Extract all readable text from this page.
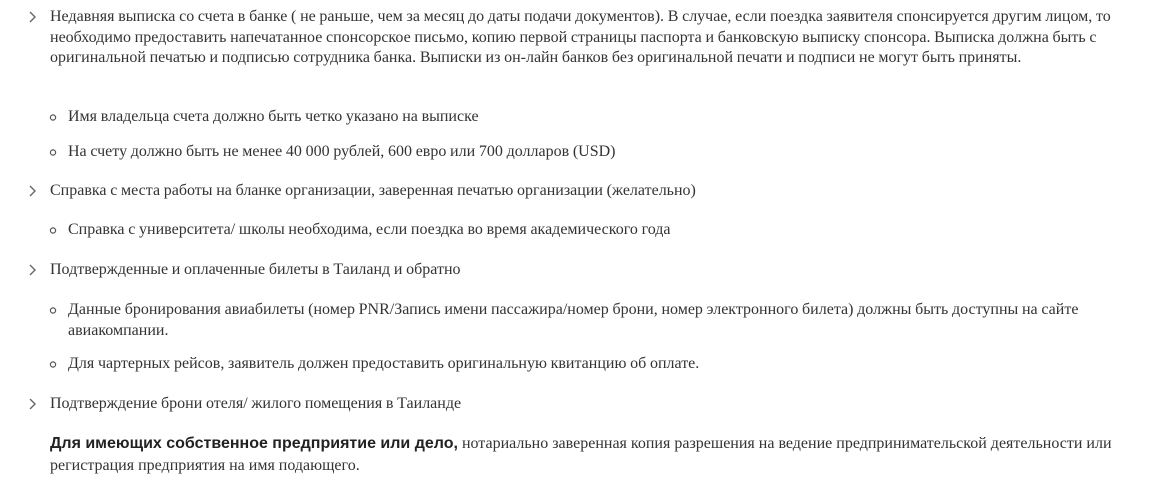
Недавняя выписка со счета в банке ( не раньше, чем за месяц до даты подачи документов). В случае, если поездка заявителя спонсируется другим лицом, то необходимо предоставить напечатанное спонсорское письмо, копию первой страницы паспорта и банковскую выписку спонсора. Выписка должна быть с оригинальной печатью и подписью сотрудника банка. Выписки из он-лайн банков без оригинальной печати и подписи не могут быть приняты.
Имя владельца счета должно быть четко указано на выписке
На счету должно быть не менее 40 000 рублей, 600 евро или 700 долларов (USD)
Справка с места работы на бланке организации, заверенная печатью организации (желательно)
Справка с университета/ школы необходима, если поездка во время академического года
Подтвержденные и оплаченные билеты в Таиланд и обратно
Данные бронирования авиабилеты (номер PNR/Запись имени пассажира/номер брони, номер электронного билета) должны быть доступны на сайте авиакомпании.
Для чартерных рейсов, заявитель должен предоставить оригинальную квитанцию об оплате.
Подтверждение брони отеля/ жилого помещения в Таиланде

Для имеющих собственное предприятие или дело, нотариально заверенная копия разрешения на ведение предпринимательской деятельности или регистрация предприятия на имя подающего.
